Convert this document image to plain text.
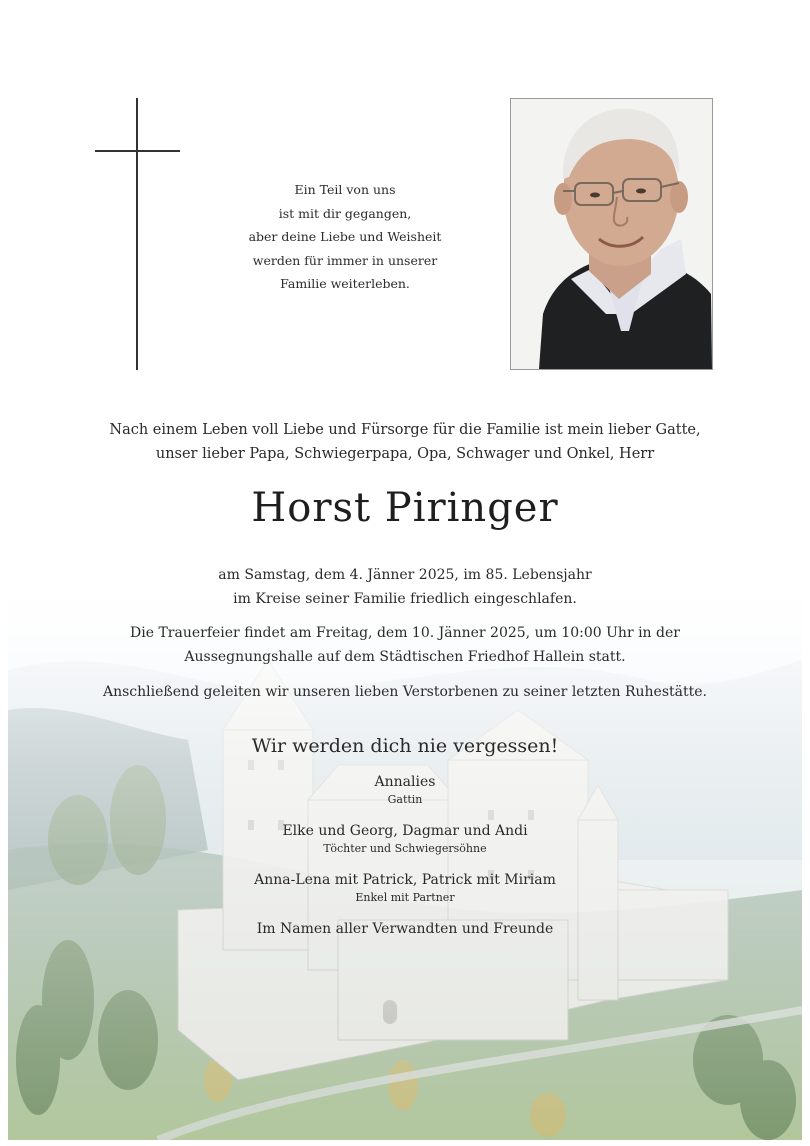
Ein Teil von uns
ist mit dir gegangen,
aber deine Liebe und Weisheit
werden für immer in unserer
Familie weiterleben.
Nach einem Leben voll Liebe und Fürsorge für die Familie ist mein lieber Gatte,
unser lieber Papa, Schwiegerpapa, Opa, Schwager und Onkel, Herr
Horst Piringer
am Samstag, dem 4. Jänner 2025, im 85. Lebensjahr
im Kreise seiner Familie friedlich eingeschlafen.
Die Trauerfeier findet am Freitag, dem 10. Jänner 2025, um 10:00 Uhr in der
Aussegnungshalle auf dem Städtischen Friedhof Hallein statt.
Anschließend geleiten wir unseren lieben Verstorbenen zu seiner letzten Ruhestätte.
Wir werden dich nie vergessen!
Annalies
Gattin
Elke und Georg, Dagmar und Andi
Töchter und Schwiegersöhne
Anna-Lena mit Patrick, Patrick mit Miriam
Enkel mit Partner
Im Namen aller Verwandten und Freunde
